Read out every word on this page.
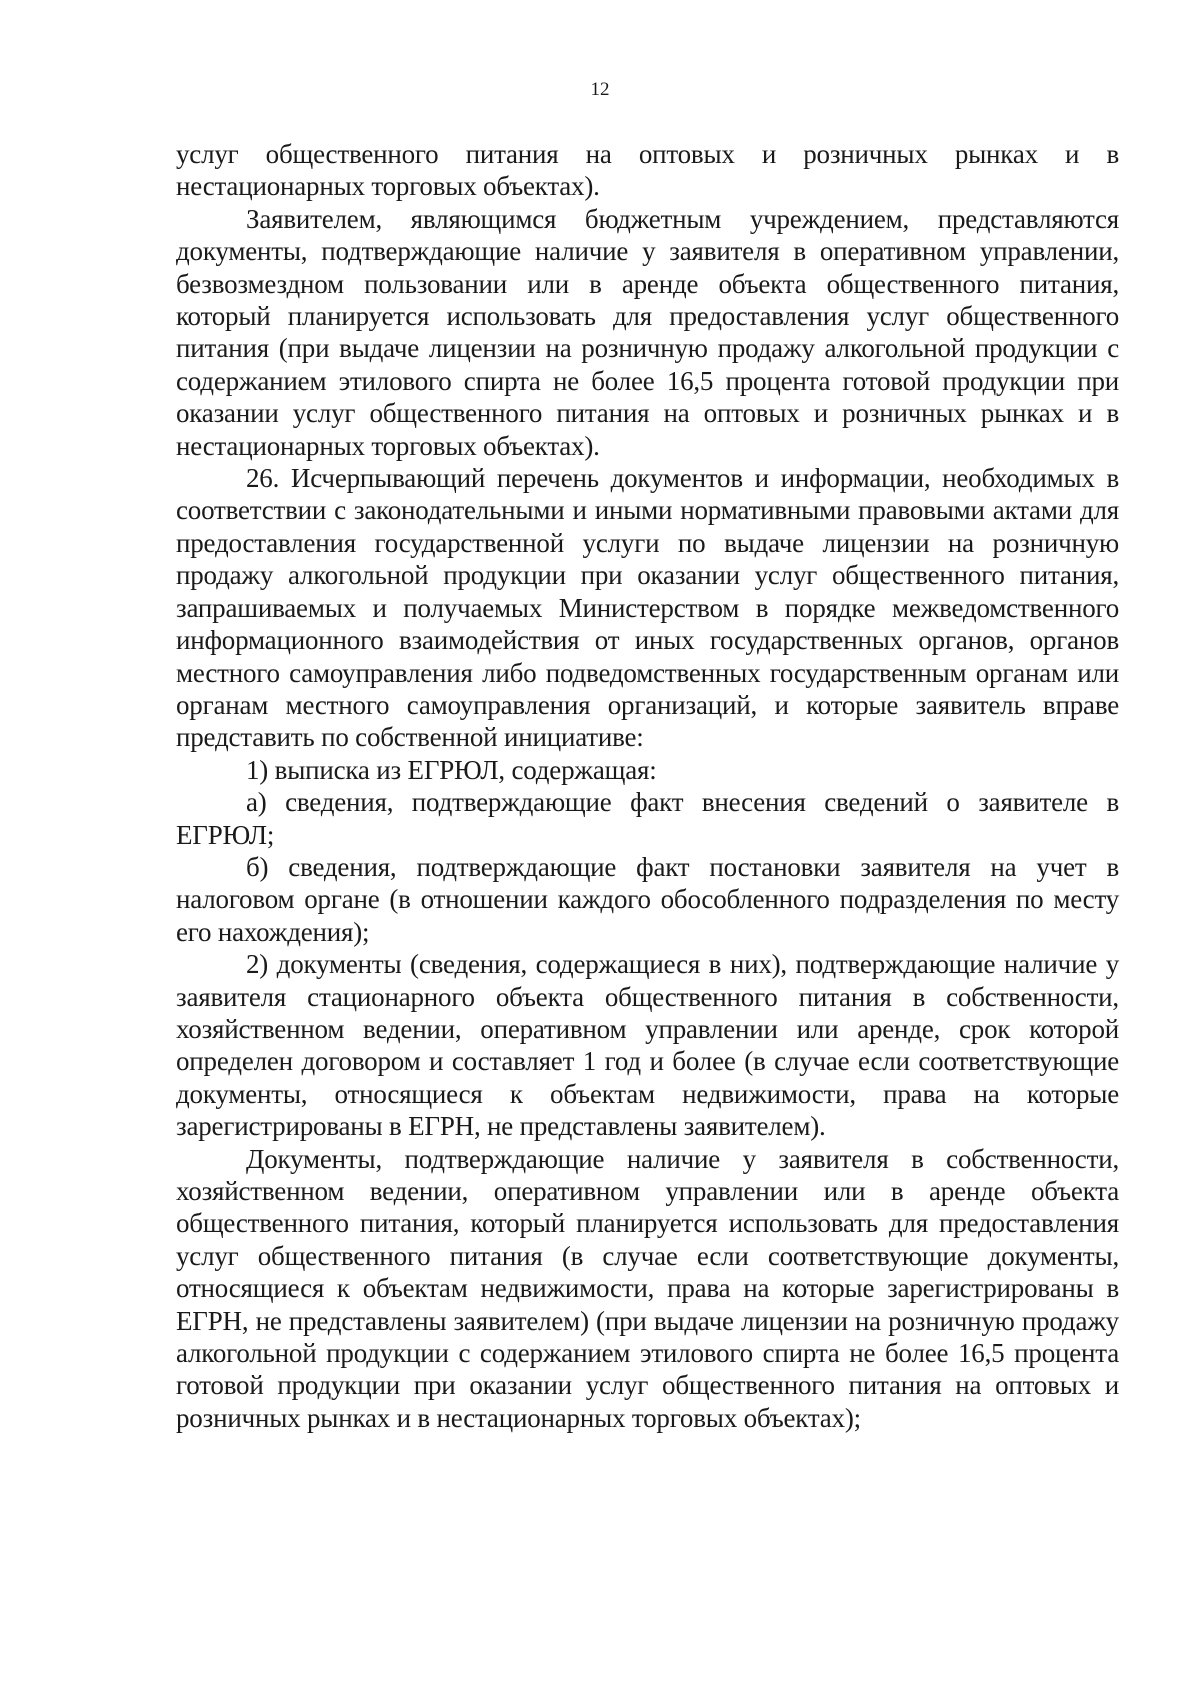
12

услуг общественного питания на оптовых и розничных рынках и в нестационарных торговых объектах).

Заявителем, являющимся бюджетным учреждением, представляются документы, подтверждающие наличие у заявителя в оперативном управлении, безвозмездном пользовании или в аренде объекта общественного питания, который планируется использовать для предоставления услуг общественного питания (при выдаче лицензии на розничную продажу алкогольной продукции с содержанием этилового спирта не более 16,5 процента готовой продукции при оказании услуг общественного питания на оптовых и розничных рынках и в нестационарных торговых объектах).

26. Исчерпывающий перечень документов и информации, необходимых в соответствии с законодательными и иными нормативными правовыми актами для предоставления государственной услуги по выдаче лицензии на розничную продажу алкогольной продукции при оказании услуг общественного питания, запрашиваемых и получаемых Министерством в порядке межведомственного информационного взаимодействия от иных государственных органов, органов местного самоуправления либо подведомственных государственным органам или органам местного самоуправления организаций, и которые заявитель вправе представить по собственной инициативе:

1) выписка из ЕГРЮЛ, содержащая:

а) сведения, подтверждающие факт внесения сведений о заявителе в ЕГРЮЛ;

б) сведения, подтверждающие факт постановки заявителя на учет в налоговом органе (в отношении каждого обособленного подразделения по месту его нахождения);

2) документы (сведения, содержащиеся в них), подтверждающие наличие у заявителя стационарного объекта общественного питания в собственности, хозяйственном ведении, оперативном управлении или аренде, срок которой определен договором и составляет 1 год и более (в случае если соответствующие документы, относящиеся к объектам недвижимости, права на которые зарегистрированы в ЕГРН, не представлены заявителем).

Документы, подтверждающие наличие у заявителя в собственности, хозяйственном ведении, оперативном управлении или в аренде объекта общественного питания, который планируется использовать для предоставления услуг общественного питания (в случае если соответствующие документы, относящиеся к объектам недвижимости, права на которые зарегистрированы в ЕГРН, не представлены заявителем) (при выдаче лицензии на розничную продажу алкогольной продукции с содержанием этилового спирта не более 16,5 процента готовой продукции при оказании услуг общественного питания на оптовых и розничных рынках и в нестационарных торговых объектах);
